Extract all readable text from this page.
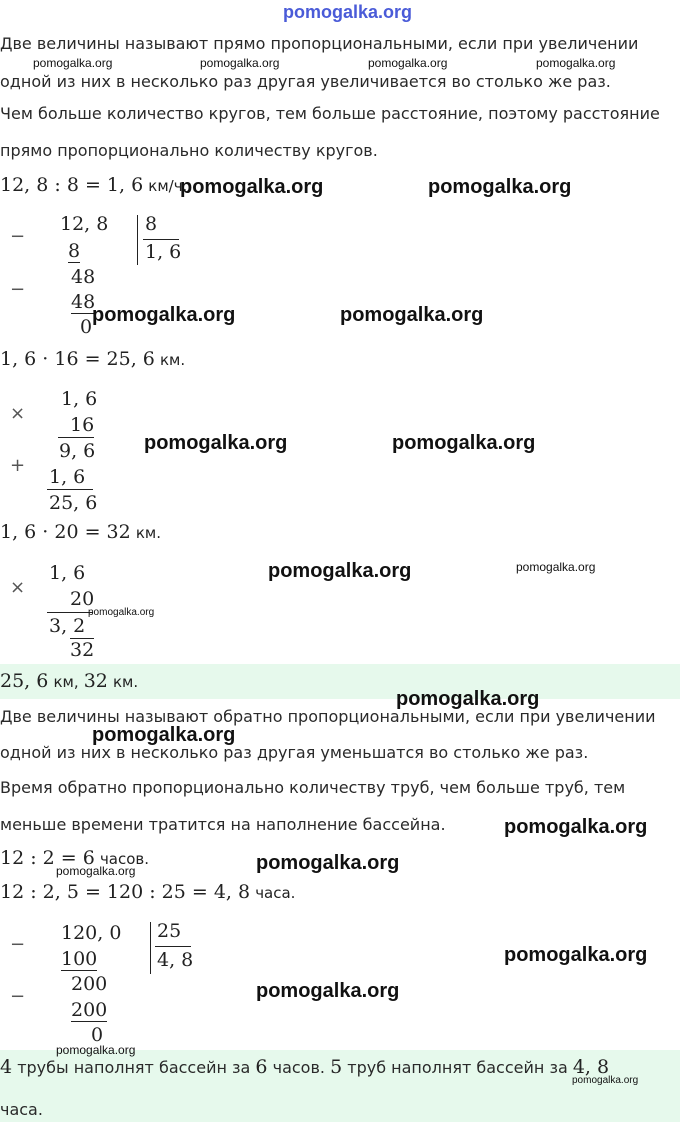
pomogalka.org
Две величины называют прямо пропорциональными, если при увеличении
одной из них в несколько раз другая увеличивается во столько же раз.
Чем больше количество кругов, тем больше расстояние, поэтому расстояние
прямо пропорционально количеству кругов.
12, 8 : 8 = 1, 6 км/ч.
−
−
12, 8
8
48
48
0
8
1, 6
1, 6 · 16 = 25, 6 км.
×
+
1, 6
16
9, 6
1, 6
25, 6
1, 6 · 20 = 32 км.
×
1, 6
20
3, 2
32
25, 6 км, 32 км.
Две величины называют обратно пропорциональными, если при увеличении
одной из них в несколько раз другая уменьшатся во столько же раз.
Время обратно пропорционально количеству труб, чем больше труб, тем
меньше времени тратится на наполнение бассейна.
12 : 2 = 6 часов.
12 : 2, 5 = 120 : 25 = 4, 8 часа.
−
−
120, 0
100
200
200
0
25
4, 8
4 трубы наполнят бассейн за 6 часов. 5 труб наполнят бассейн за 4, 8
часа.
pomogalka.org	pomogalka.org	pomogalka.org	pomogalka.org
pomogalka.org	pomogalka.org
pomogalka.org	pomogalka.org
pomogalka.org	pomogalka.org
pomogalka.org	pomogalka.org
pomogalka.org
pomogalka.org
pomogalka.org
pomogalka.org
pomogalka.org
pomogalka.org
pomogalka.org
pomogalka.org
pomogalka.org
pomogalka.org
